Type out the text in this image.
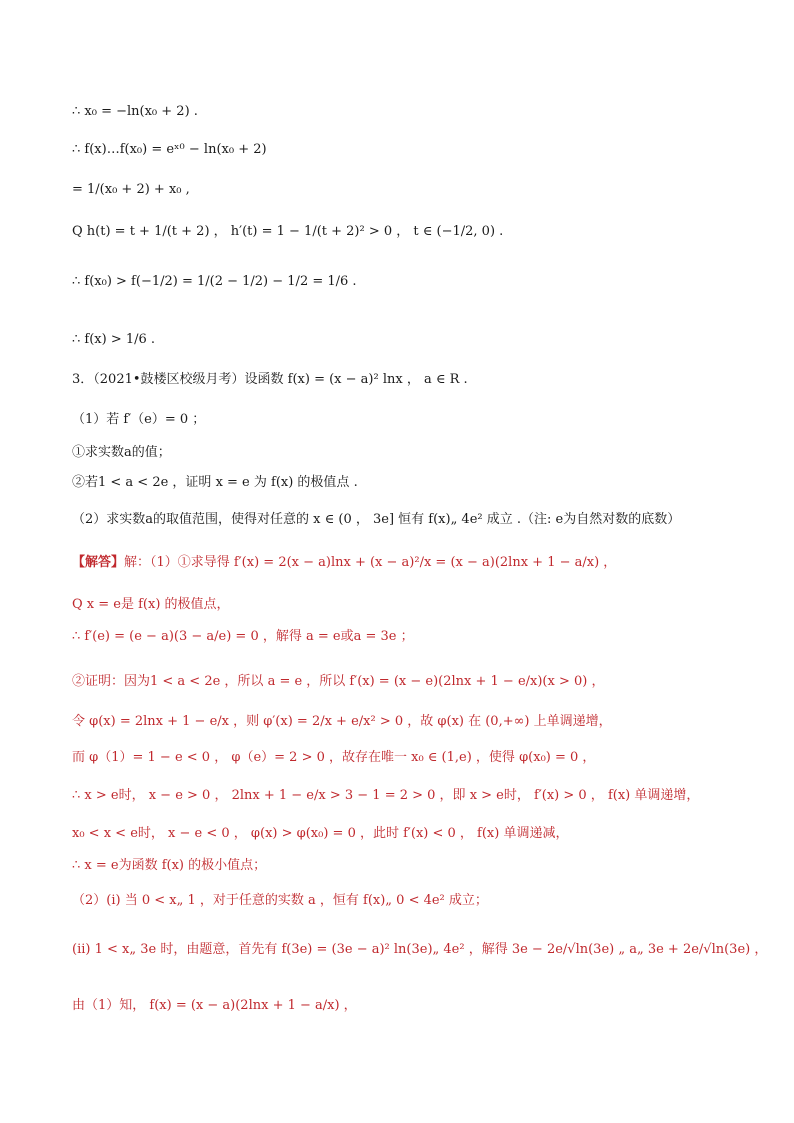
∴ x₀ = −ln(x₀ + 2) .
∴ f(x)…f(x₀) = eˣ⁰ − ln(x₀ + 2)
= 1/(x₀ + 2) + x₀ ,
Q h(t) = t + 1/(t + 2) ， h′(t) = 1 − 1/(t + 2)² > 0 ， t ∈ (−1/2, 0) .
∴ f(x₀) > f(−1/2) = 1/(2 − 1/2) − 1/2 = 1/6 .
∴ f(x) > 1/6 .
3．（2021•鼓楼区校级月考）设函数 f(x) = (x − a)² lnx ， a ∈ R .
（1）若 f′（e）= 0 ；
①求实数a的值；
②若1 < a < 2e ，证明 x = e 为 f(x) 的极值点 .
（2）求实数a的取值范围，使得对任意的 x ∈ (0 ， 3e] 恒有 f(x)„ 4e² 成立 .（注: e为自然对数的底数）
【解答】解：（1）①求导得 f′(x) = 2(x − a)lnx + (x − a)²/x = (x − a)(2lnx + 1 − a/x) ，
Q x = e是 f(x) 的极值点，
∴ f′(e) = (e − a)(3 − a/e) = 0 ，解得 a = e或a = 3e ；
②证明：因为1 < a < 2e ，所以 a = e ，所以 f′(x) = (x − e)(2lnx + 1 − e/x)(x > 0) ，
令 φ(x) = 2lnx + 1 − e/x ，则 φ′(x) = 2/x + e/x² > 0 ，故 φ(x) 在 (0,+∞) 上单调递增，
而 φ（1）= 1 − e < 0 ， φ（e）= 2 > 0 ，故存在唯一 x₀ ∈ (1,e) ，使得 φ(x₀) = 0 ，
∴ x > e时， x − e > 0 ， 2lnx + 1 − e/x > 3 − 1 = 2 > 0 ，即 x > e时， f′(x) > 0 ， f(x) 单调递增，
x₀ < x < e时， x − e < 0 ， φ(x) > φ(x₀) = 0 ，此时 f′(x) < 0 ， f(x) 单调递减，
∴ x = e为函数 f(x) 的极小值点；
（2）(i) 当 0 < x„ 1 ，对于任意的实数 a ，恒有 f(x)„ 0 < 4e² 成立；
(ii) 1 < x„ 3e 时，由题意，首先有 f(3e) = (3e − a)² ln(3e)„ 4e² ，解得 3e − 2e/√ln(3e) „ a„ 3e + 2e/√ln(3e) ，
由（1）知， f(x) = (x − a)(2lnx + 1 − a/x) ，
